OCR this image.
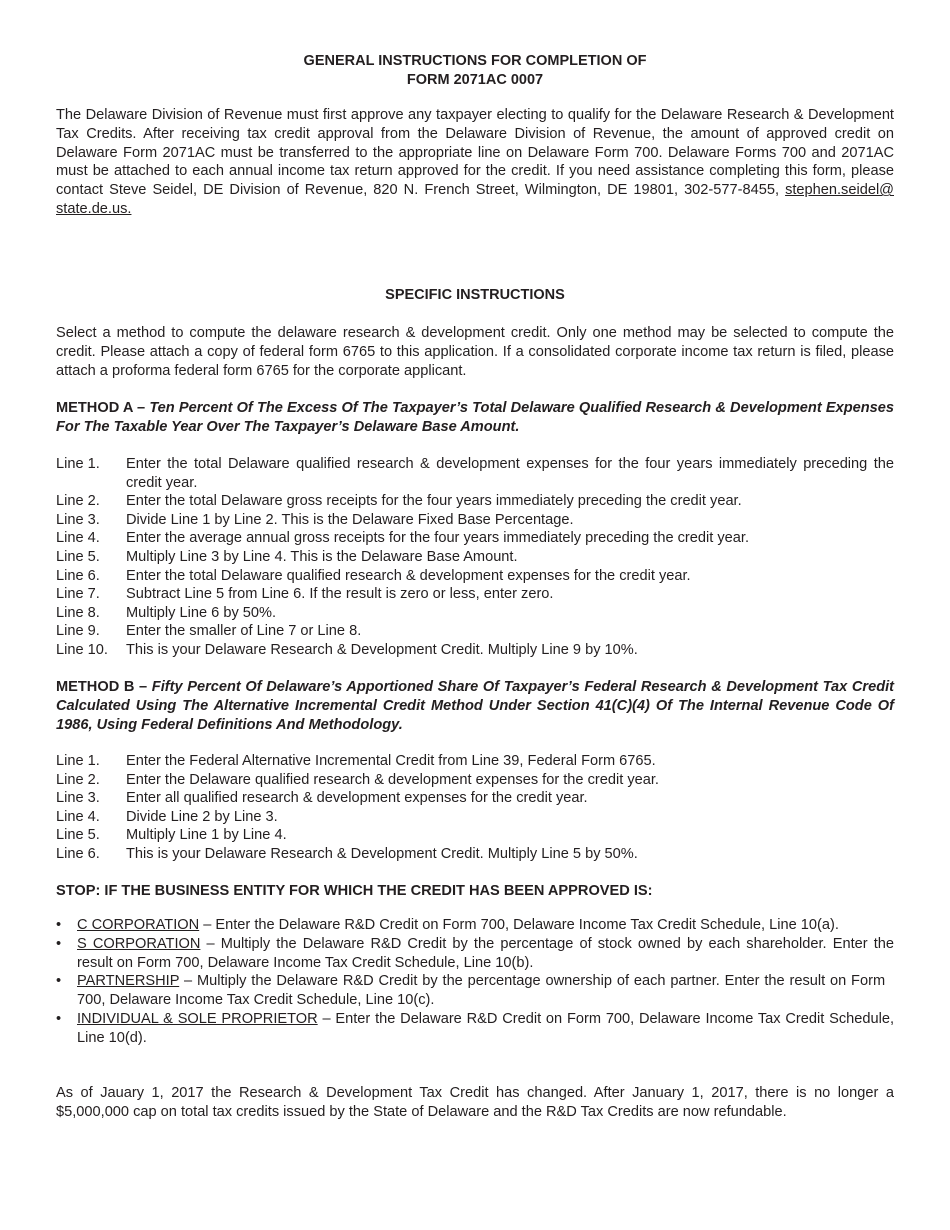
GENERAL INSTRUCTIONS FOR COMPLETION OF
FORM 2071AC 0007

The Delaware Division of Revenue must first approve any taxpayer electing to qualify for the Delaware Research & Development Tax Credits. After receiving tax credit approval from the Delaware Division of Revenue, the amount of approved credit on Delaware Form 2071AC must be transferred to the appropriate line on Delaware Form 700. Delaware Forms 700 and 2071AC must be attached to each annual income tax return approved for the credit. If you need assistance completing this form, please contact Steve Seidel, DE Division of Revenue, 820 N. French Street, Wilmington, DE 19801, 302-577-8455, stephen.seidel@ state.de.us.

SPECIFIC INSTRUCTIONS

Select a method to compute the delaware research & development credit. Only one method may be selected to compute the credit. Please attach a copy of federal form 6765 to this application. If a consolidated corporate income tax return is filed, please attach a proforma federal form 6765 for the corporate applicant.

METHOD A – Ten Percent Of The Excess Of The Taxpayer’s Total Delaware Qualified Research & Development Expenses For The Taxable Year Over The Taxpayer’s Delaware Base Amount.
Line 1.	Enter the total Delaware qualified research & development expenses for the four years immediately preceding the credit year.
Line 2.	Enter the total Delaware gross receipts for the four years immediately preceding the credit year.
Line 3.	Divide Line 1 by Line 2. This is the Delaware Fixed Base Percentage.
Line 4.	Enter the average annual gross receipts for the four years immediately preceding the credit year.
Line 5.	Multiply Line 3 by Line 4. This is the Delaware Base Amount.
Line 6.	Enter the total Delaware qualified research & development expenses for the credit year.
Line 7.	Subtract Line 5 from Line 6. If the result is zero or less, enter zero.
Line 8.	Multiply Line 6 by 50%.
Line 9.	Enter the smaller of Line 7 or Line 8.
Line 10.	This is your Delaware Research & Development Credit. Multiply Line 9 by 10%.
METHOD B – Fifty Percent Of Delaware’s Apportioned Share Of Taxpayer’s Federal Research & Development Tax Credit Calculated Using The Alternative Incremental Credit Method Under Section 41(C)(4) Of The Internal Revenue Code Of 1986, Using Federal Definitions And Methodology.
Line 1.	Enter the Federal Alternative Incremental Credit from Line 39, Federal Form 6765.
Line 2.	Enter the Delaware qualified research & development expenses for the credit year.
Line 3.	Enter all qualified research & development expenses for the credit year.
Line 4.	Divide Line 2 by Line 3.
Line 5.	Multiply Line 1 by Line 4.
Line 6.	This is your Delaware Research & Development Credit. Multiply Line 5 by 50%.
STOP: IF THE BUSINESS ENTITY FOR WHICH THE CREDIT HAS BEEN APPROVED IS:
•	C CORPORATION – Enter the Delaware R&D Credit on Form 700, Delaware Income Tax Credit Schedule, Line 10(a).
•	S CORPORATION – Multiply the Delaware R&D Credit by the percentage of stock owned by each shareholder. Enter the result on Form 700, Delaware Income Tax Credit Schedule, Line 10(b).
•	PARTNERSHIP – Multiply the Delaware R&D Credit by the percentage ownership of each partner. Enter the result on Form   700, Delaware Income Tax Credit Schedule, Line 10(c).
•	INDIVIDUAL & SOLE PROPRIETOR – Enter the Delaware R&D Credit on Form 700, Delaware Income Tax Credit Schedule, Line 10(d).

As of Jauary 1, 2017 the Research & Development Tax Credit has changed. After January 1, 2017, there is no longer a $5,000,000 cap on total tax credits issued by the State of Delaware and the R&D Tax Credits are now refundable.
